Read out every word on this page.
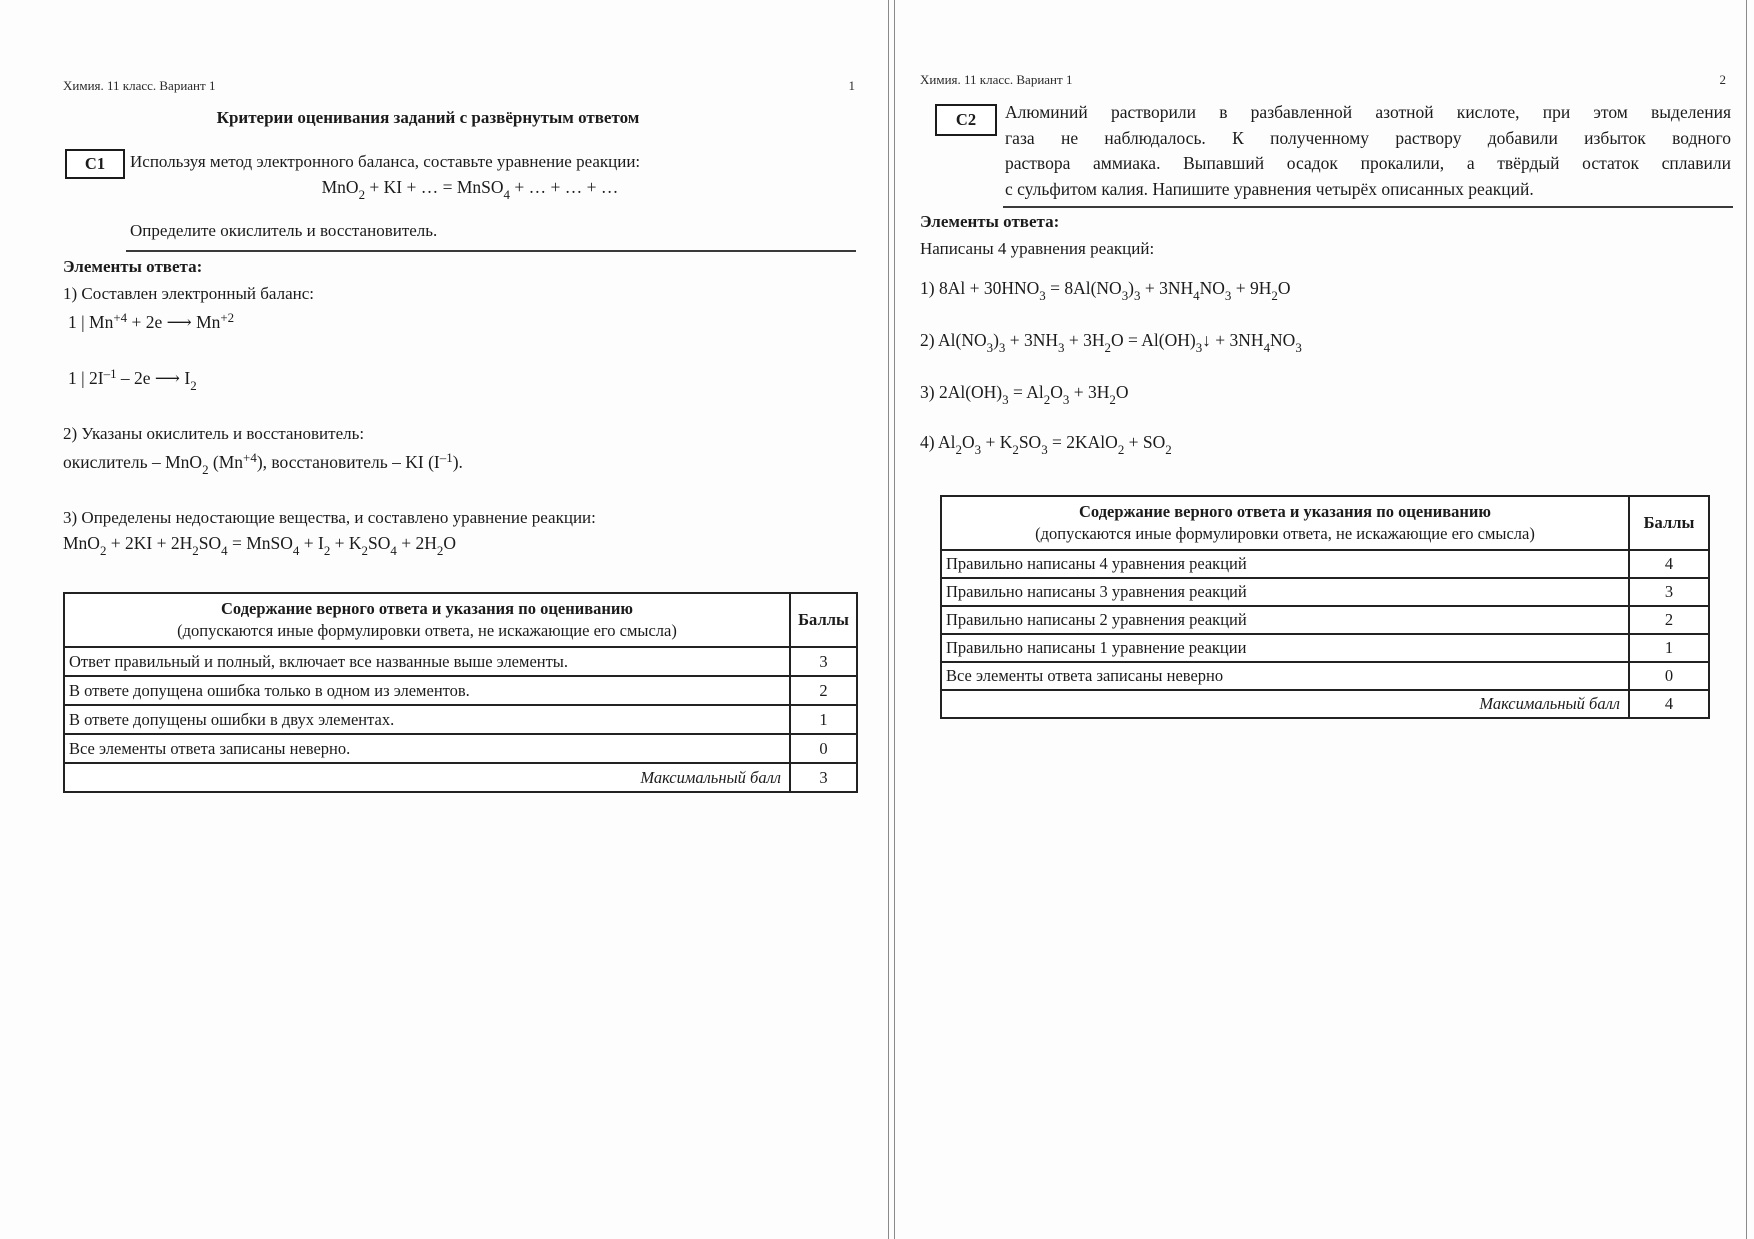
Химия. 11 класс. Вариант 1	1
Критерии оценивания заданий с развёрнутым ответом
С1 Используя метод электронного баланса, составьте уравнение реакции:
MnO$_2$ + KI + … = MnSO$_4$ + … + … + …
Определите окислитель и восстановитель.
Элементы ответа:
1) Составлен электронный баланс:
1 | $Mn^{+4} + 2e$ ⟶ $Mn^{+2}$
1 | $2I^{-1} - 2e$ ⟶ $I_2$
2) Указаны окислитель и восстановитель:
окислитель – MnO$_2$ $(Mn^{+4})$, восстановитель – KI $(I^{-1})$.
3) Определены недостающие вещества, и составлено уравнение реакции:
$MnO_2 + 2KI + 2H_2SO_4$ = MnSO$_4$ + $I_2 + K_2SO_4 + 2H_2O$
Содержание верного ответа и указания по оцениванию
(допускаются иные формулировки ответа, не искажающие его смысла)	Баллы
Ответ правильный и полный, включает все названные выше элементы.	3
В ответе допущена ошибка только в одном из элементов.	2
В ответе допущены ошибки в двух элементах.	1
Все элементы ответа записаны неверно.	0
Максимальный балл	3
Химия. 11 класс. Вариант 1	2
С2 Алюминий растворили в разбавленной азотной кислоте, при этом выделения
газа не наблюдалось. К полученному раствору добавили избыток водного
раствора аммиака. Выпавший осадок прокалили, а твёрдый остаток сплавили
с сульфитом калия. Напишите уравнения четырёх описанных реакций.
Элементы ответа:
Написаны 4 уравнения реакций:
1) $8Al + 30HNO_3 = 8Al(NO_3)_3 + 3NH_4NO_3 + 9H_2O$
2) $Al(NO_3)_3 + 3NH_3 + 3H_2O$ = $Al(OH)_3↓ + 3NH_4NO_3$
3) $2Al(OH)_3 = Al_2O_3 + 3H_2O$
4) $Al_2O_3 + K_2SO_3$ = 2KAlO$_2$ + $SO_2$
Содержание верного ответа и указания по оцениванию
(допускаются иные формулировки ответа, не искажающие его смысла)	Баллы
Правильно написаны 4 уравнения реакций	4
Правильно написаны 3 уравнения реакций	3
Правильно написаны 2 уравнения реакций	2
Правильно написаны 1 уравнение реакции	1
Все элементы ответа записаны неверно	0
Максимальный балл	4
